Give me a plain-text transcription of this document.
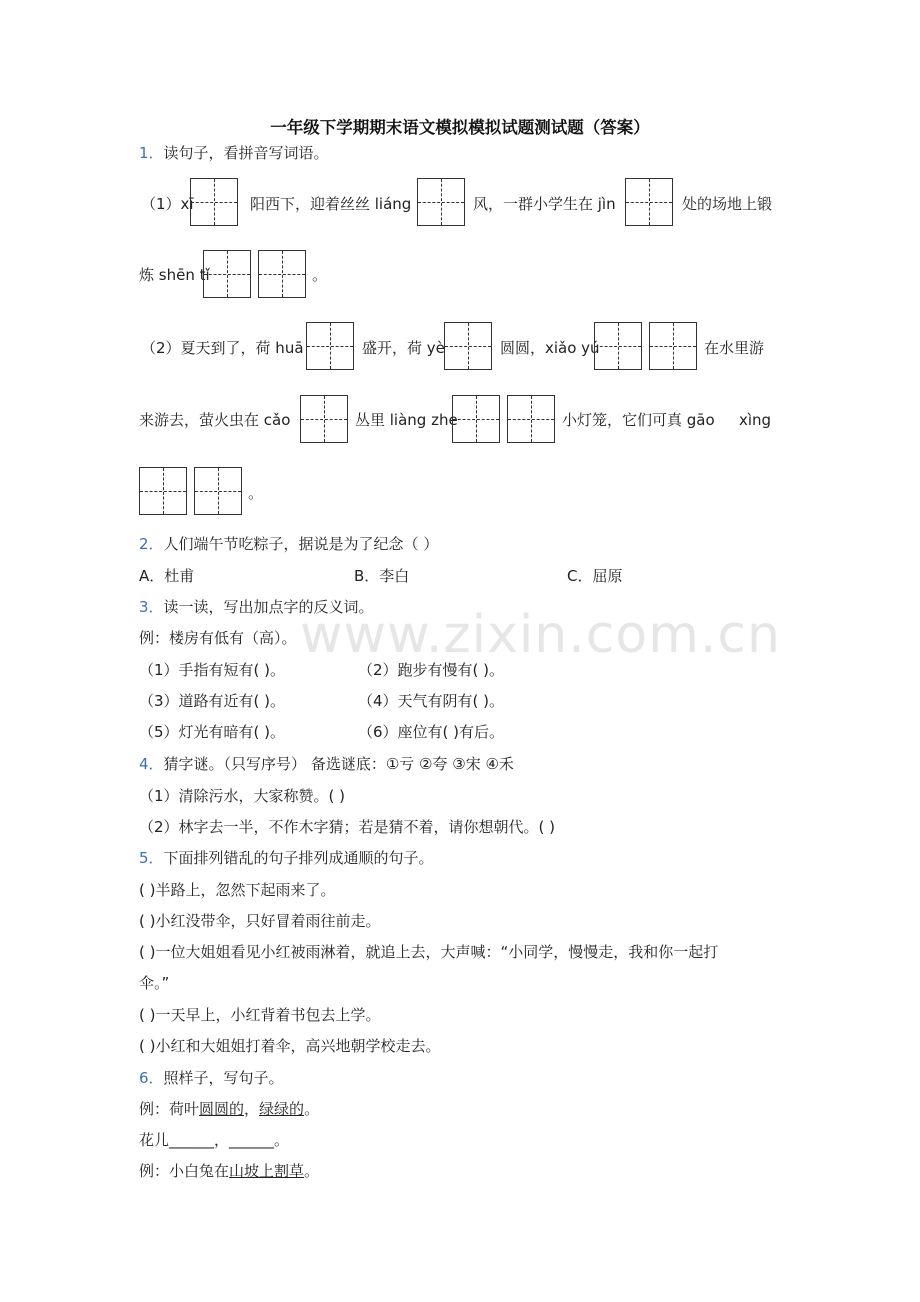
www.zixin.com.cn
一年级下学期期末语文模拟模拟试题测试题（答案）
1．读句子，看拼音写词语。
（1）xī	阳西下，迎着丝丝 liáng	风，一群小学生在 jìn	处的场地上锻
炼 shēn tǐ	。
（2）夏天到了，荷 huā	盛开，荷 yè	圆圆，xiǎo yú	在水里游
来游去，萤火虫在 cǎo	丛里 liàng zhe	小灯笼，它们可真 gāo xìng
。
2．人们端午节吃粽子，据说是为了纪念（ ）
A．杜甫	B．李白	C．屈原
3．读一读，写出加点字的反义词。
例：楼房有低有（高）。
（1）手指有短有( )。	（2）跑步有慢有( )。
（3）道路有近有( )。	（4）天气有阴有( )。
（5）灯光有暗有( )。	（6）座位有( )有后。
4．猜字谜。（只写序号） 备选谜底：①亏 ②夸 ③宋 ④禾
（1）清除污水，大家称赞。( )
（2）林字去一半，不作木字猜；若是猜不着，请你想朝代。( )
5．下面排列错乱的句子排列成通顺的句子。
( )半路上，忽然下起雨来了。
( )小红没带伞，只好冒着雨往前走。
( )一位大姐姐看见小红被雨淋着，就追上去，大声喊：“小同学，慢慢走，我和你一起打
伞。”
( )一天早上，小红背着书包去上学。
( )小红和大姐姐打着伞，高兴地朝学校走去。
6．照样子，写句子。
例：荷叶圆圆的，绿绿的。
花儿______，______。
例：小白兔在山坡上割草。
